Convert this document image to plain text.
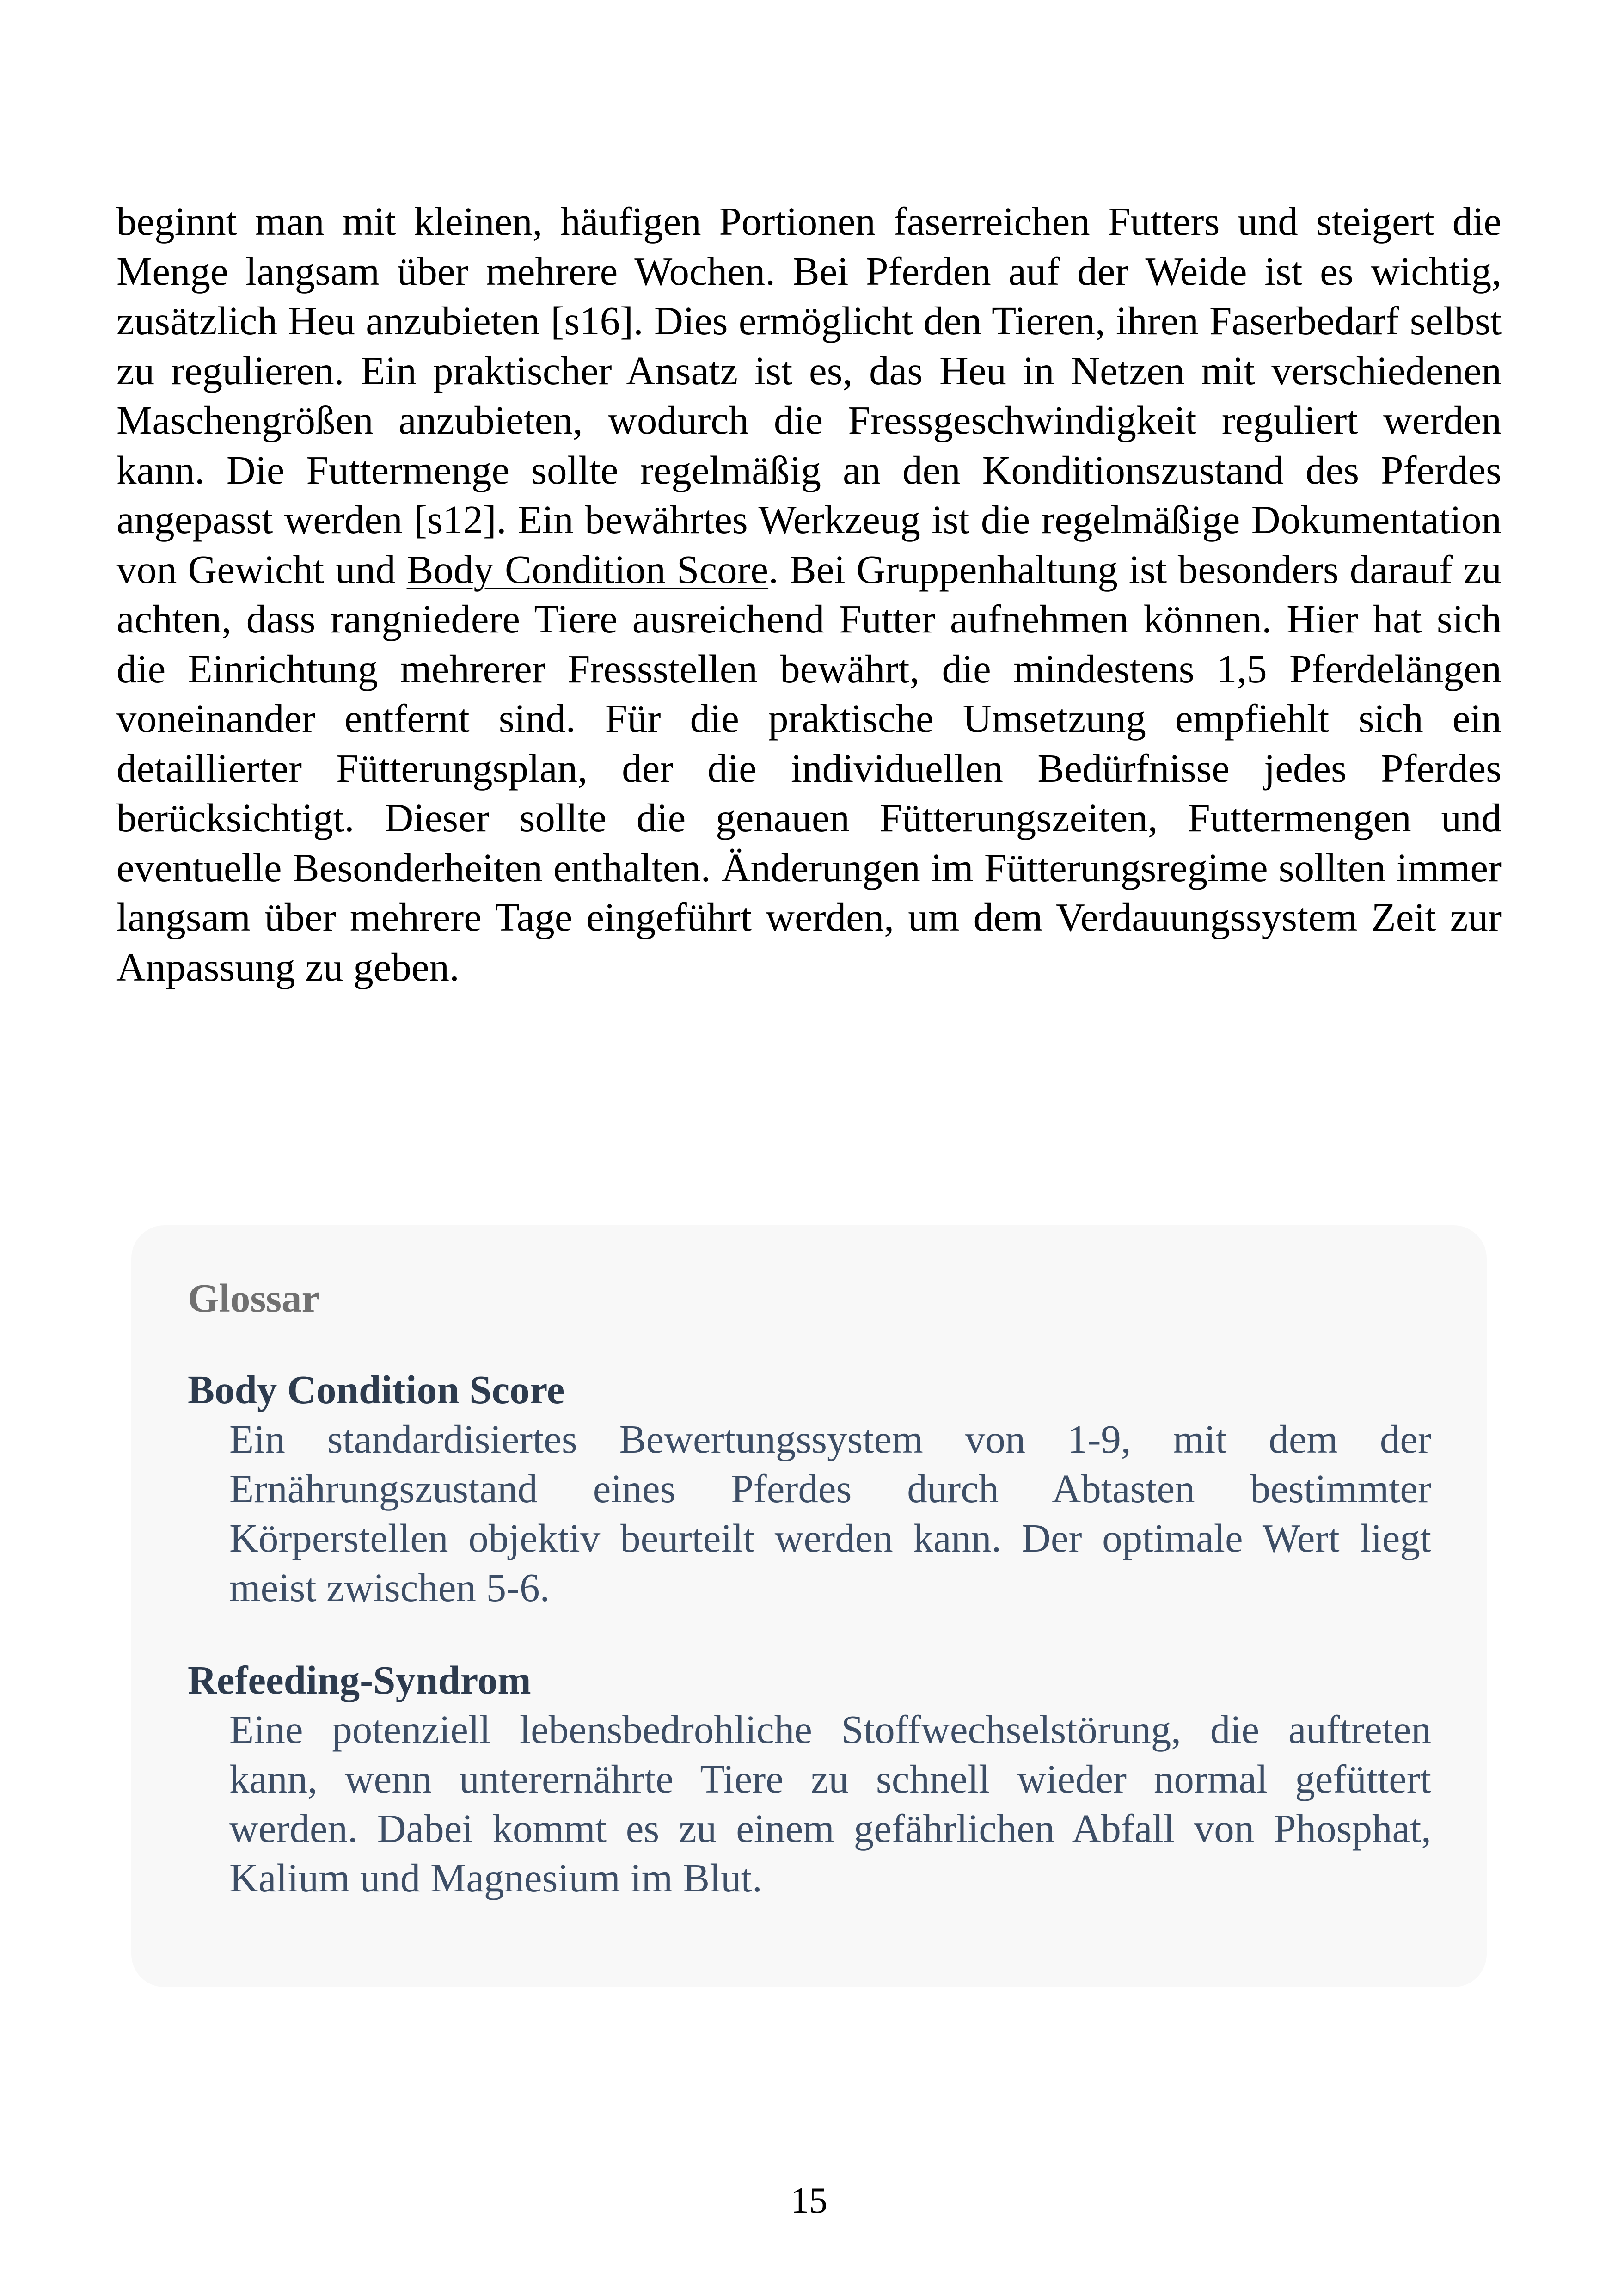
beginnt man mit kleinen, häufigen Portionen faserreichen Futters und steigert die Menge langsam über mehrere Wochen. Bei Pferden auf der Weide ist es wichtig, zusätzlich Heu anzubieten [s16]. Dies ermöglicht den Tieren, ihren Faserbedarf selbst zu regulieren. Ein praktischer Ansatz ist es, das Heu in Netzen mit verschiedenen Maschengrößen anzubieten, wodurch die Fressgeschwindigkeit reguliert werden kann. Die Futtermenge sollte regelmäßig an den Konditionszustand des Pferdes angepasst werden [s12]. Ein bewährtes Werkzeug ist die regelmäßige Dokumentation von Gewicht und Body Condition Score. Bei Gruppenhaltung ist besonders darauf zu achten, dass rangniedere Tiere ausreichend Futter aufnehmen können. Hier hat sich die Einrichtung mehrerer Fressstellen bewährt, die mindestens 1,5 Pferdelängen voneinander entfernt sind. Für die praktische Umsetzung empfiehlt sich ein detaillierter Fütterungsplan, der die individuellen Bedürfnisse jedes Pferdes berücksichtigt. Dieser sollte die genauen Fütterungszeiten, Futtermengen und eventuelle Besonderheiten enthalten. Änderungen im Fütterungsregime sollten immer langsam über mehrere Tage eingeführt werden, um dem Verdauungssystem Zeit zur Anpassung zu geben.

Glossar

Body Condition Score

Ein standardisiertes Bewertungssystem von 1-9, mit dem der Ernährungszustand eines Pferdes durch Abtasten bestimmter Körperstellen objektiv beurteilt werden kann. Der optimale Wert liegt meist zwischen 5-6.

Refeeding-Syndrom

Eine potenziell lebensbedrohliche Stoffwechselstörung, die auftreten kann, wenn unterernährte Tiere zu schnell wieder normal gefüttert werden. Dabei kommt es zu einem gefährlichen Abfall von Phosphat, Kalium und Magnesium im Blut.

15
